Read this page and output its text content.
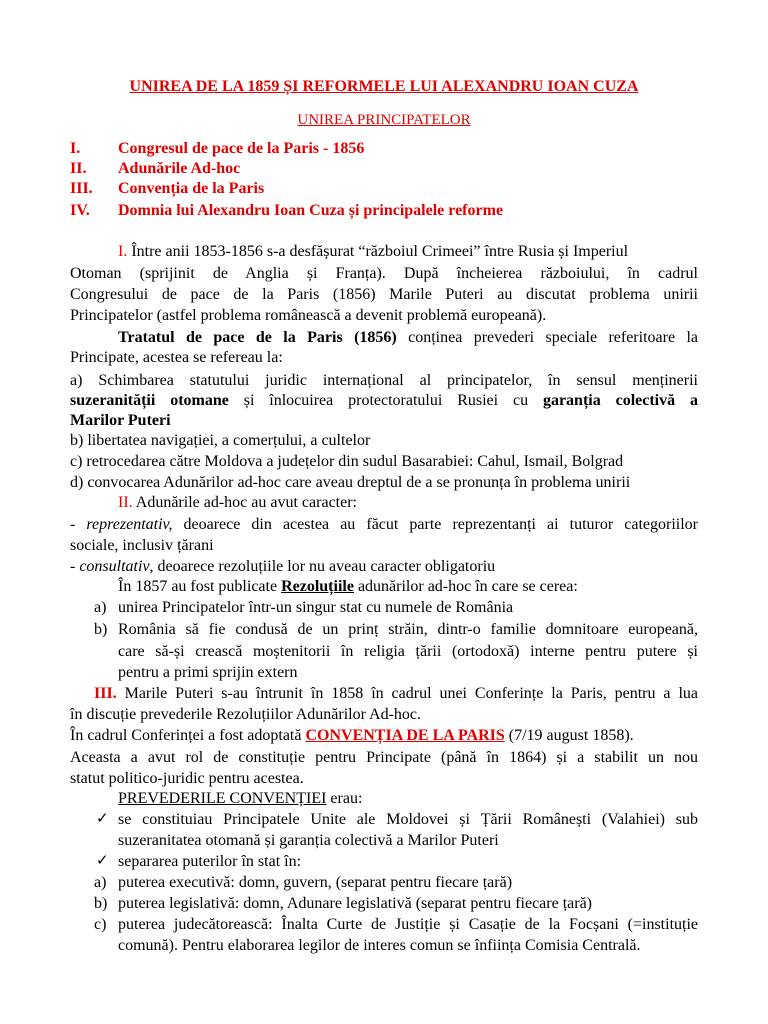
UNIREA DE LA 1859 ȘI REFORMELE LUI ALEXANDRU IOAN CUZA
UNIREA PRINCIPATELOR
I. Congresul de pace de la Paris - 1856
II. Adunările Ad-hoc
III. Convenția de la Paris
IV. Domnia lui Alexandru Ioan Cuza și principalele reforme
I. Între anii 1853-1856 s-a desfășurat “războiul Crimeei” între Rusia și Imperiul
Otoman (sprijinit de Anglia și Franța). După încheierea războiului, în cadrul
Congresului de pace de la Paris (1856) Marile Puteri au discutat problema unirii
Principatelor (astfel problema românească a devenit problemă europeană).
Tratatul de pace de la Paris (1856) conținea prevederi speciale referitoare la
Principate, acestea se refereau la:
a) Schimbarea statutului juridic internațional al principatelor, în sensul menținerii
suzeranității otomane și înlocuirea protectoratului Rusiei cu garanția colectivă a
Marilor Puteri
b) libertatea navigației, a comerțului, a cultelor
c) retrocedarea către Moldova a județelor din sudul Basarabiei: Cahul, Ismail, Bolgrad
d) convocarea Adunărilor ad-hoc care aveau dreptul de a se pronunța în problema unirii
II. Adunările ad-hoc au avut caracter:
- reprezentativ, deoarece din acestea au făcut parte reprezentanți ai tuturor categoriilor
sociale, inclusiv țărani
- consultativ, deoarece rezoluțiile lor nu aveau caracter obligatoriu
În 1857 au fost publicate Rezoluțiile adunărilor ad-hoc în care se cerea:
a) unirea Principatelor într-un singur stat cu numele de România
b) România să fie condusă de un prinț străin, dintr-o familie domnitoare europeană,
care să-și crească moștenitorii în religia țării (ortodoxă) interne pentru putere și
pentru a primi sprijin extern
III. Marile Puteri s-au întrunit în 1858 în cadrul unei Conferințe la Paris, pentru a lua
în discuție prevederile Rezoluțiilor Adunărilor Ad-hoc.
În cadrul Conferinței a fost adoptată CONVENȚIA DE LA PARIS (7/19 august 1858).
Aceasta a avut rol de constituție pentru Principate (până în 1864) și a stabilit un nou
statut politico-juridic pentru acestea.
PREVEDERILE CONVENȚIEI erau:
✓ se constituiau Principatele Unite ale Moldovei și Țării Românești (Valahiei) sub
suzeranitatea otomană și garanția colectivă a Marilor Puteri
✓ separarea puterilor în stat în:
a) puterea executivă: domn, guvern, (separat pentru fiecare țară)
b) puterea legislativă: domn, Adunare legislativă (separat pentru fiecare țară)
c) puterea judecătorească: Înalta Curte de Justiție și Casație de la Focșani (=instituție
comună). Pentru elaborarea legilor de interes comun se înființa Comisia Centrală.
